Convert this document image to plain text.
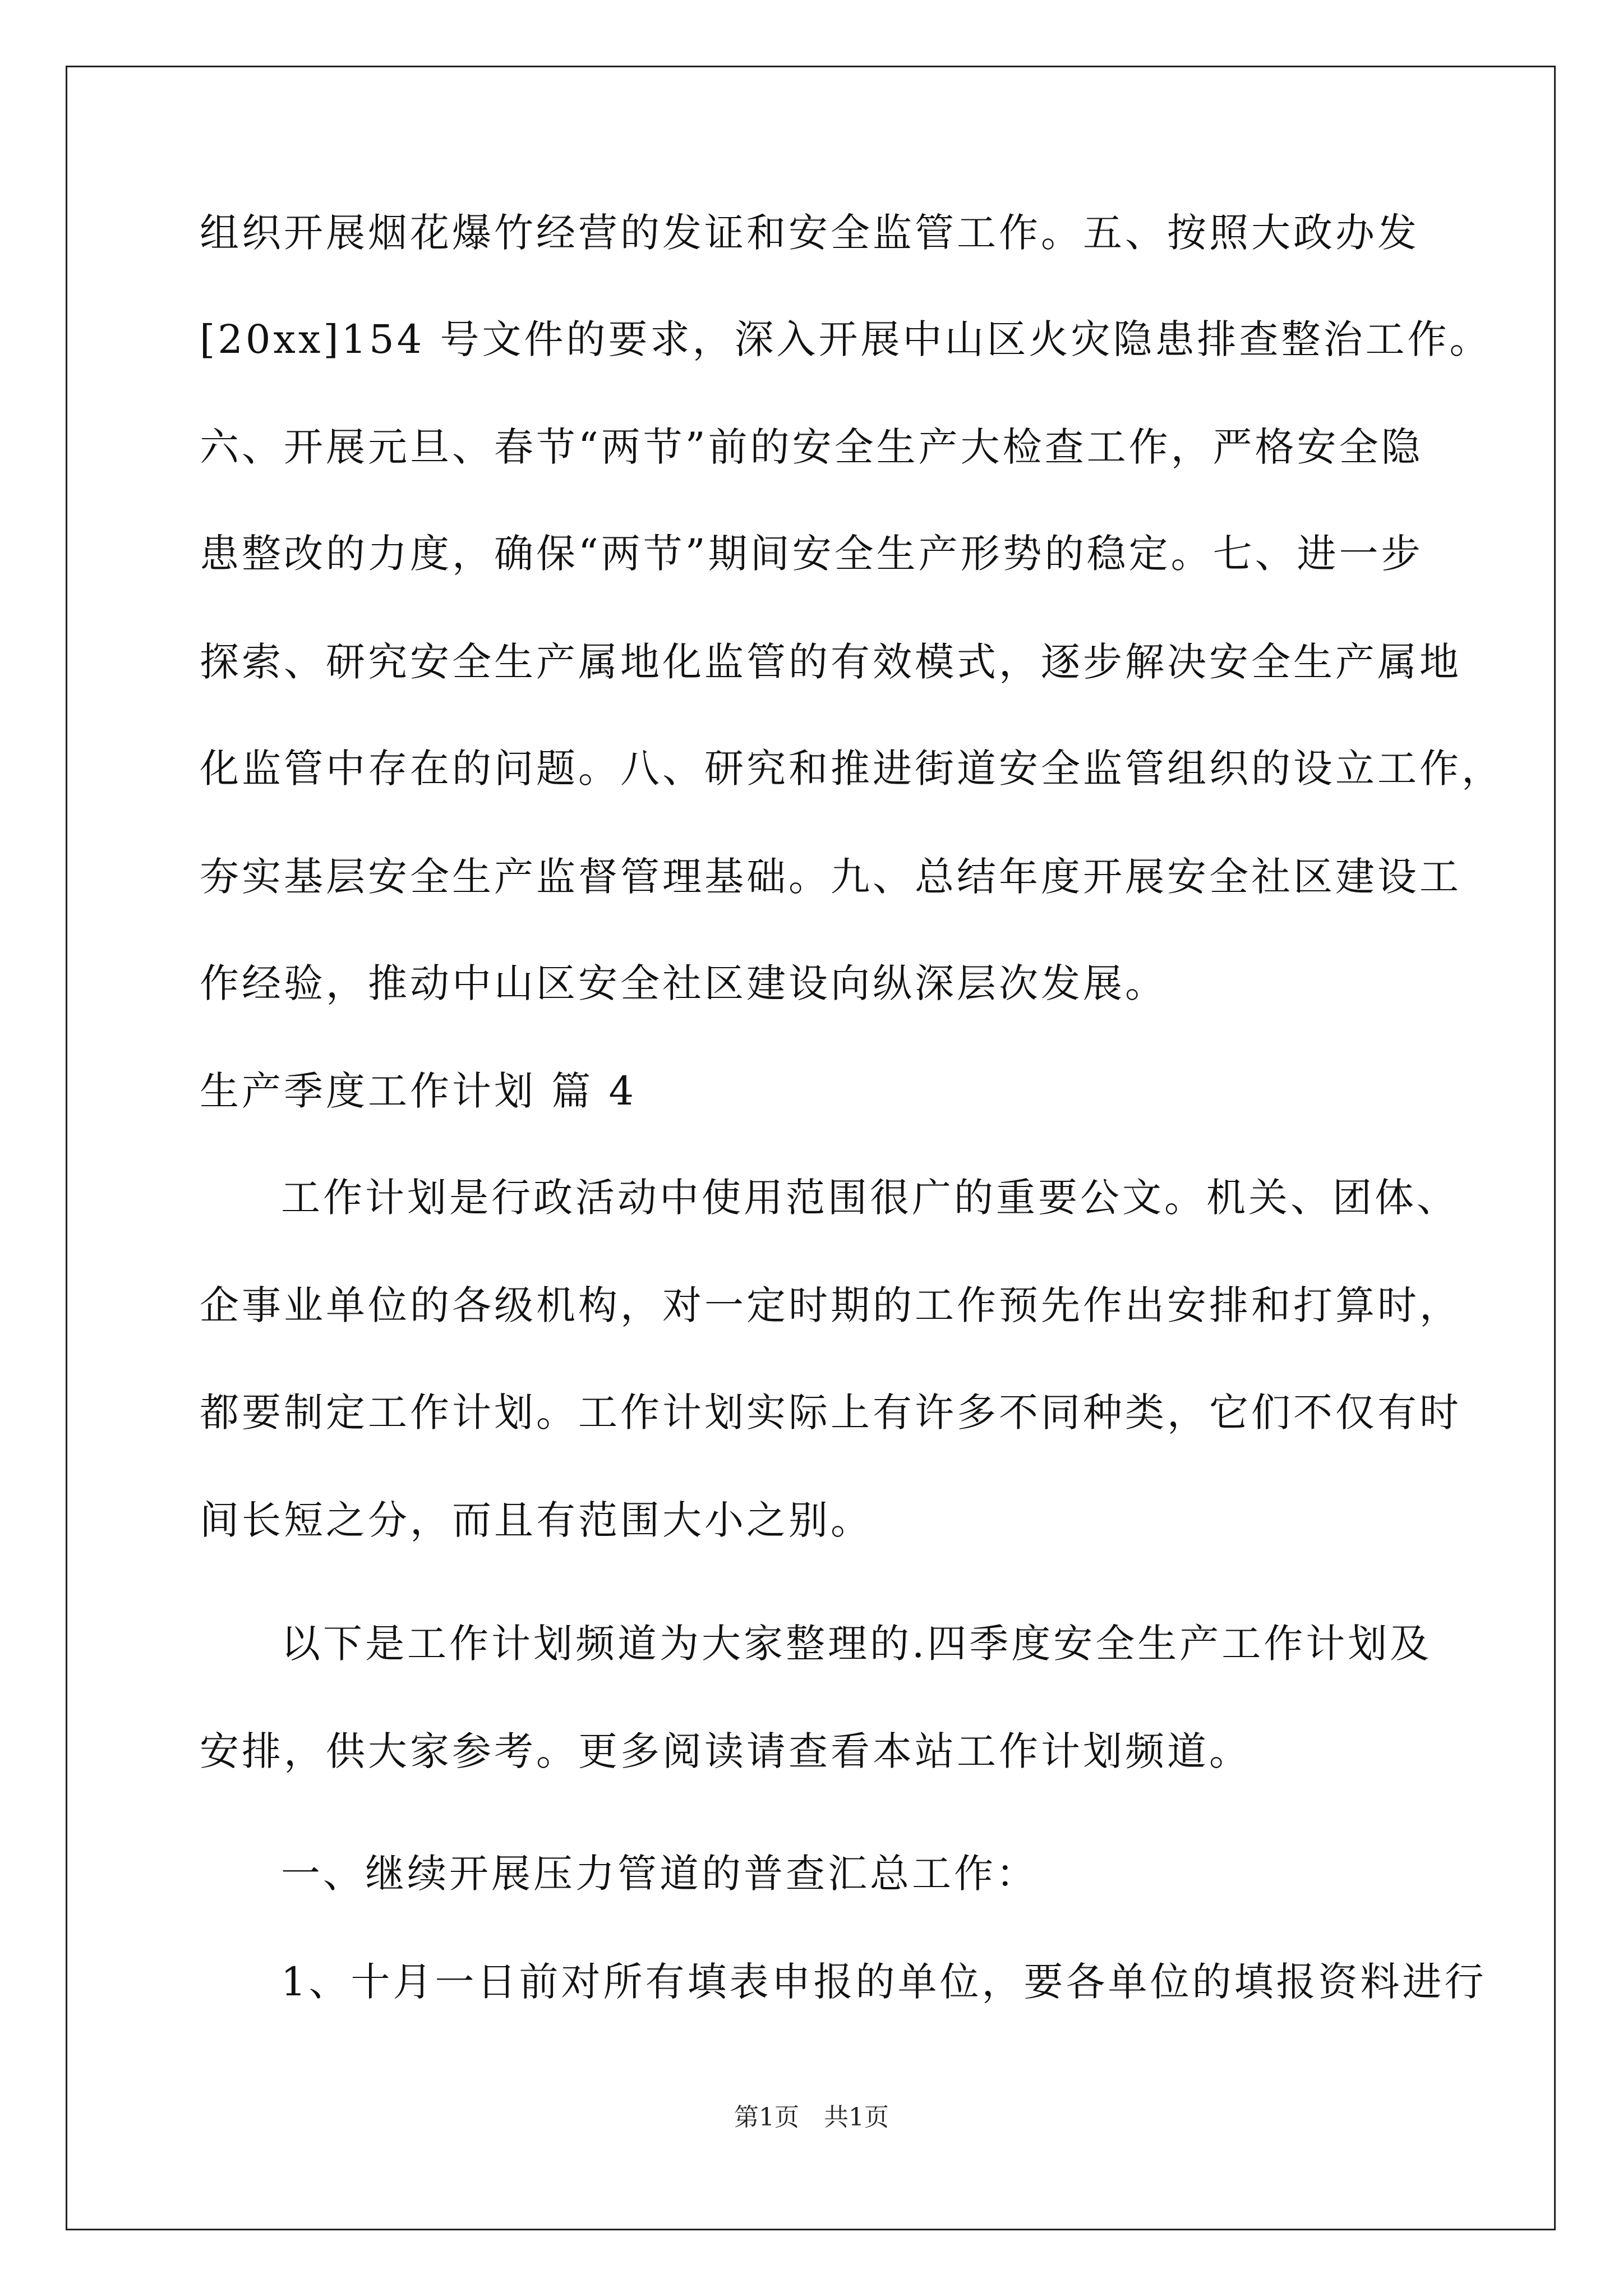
组织开展烟花爆竹经营的发证和安全监管工作。五、按照大政办发
[20xx]154 号文件的要求，深入开展中山区火灾隐患排查整治工作。
六、开展元旦、春节“两节”前的安全生产大检查工作，严格安全隐
患整改的力度，确保“两节”期间安全生产形势的稳定。七、进一步
探索、研究安全生产属地化监管的有效模式，逐步解决安全生产属地
化监管中存在的问题。八、研究和推进街道安全监管组织的设立工作，
夯实基层安全生产监督管理基础。九、总结年度开展安全社区建设工
作经验，推动中山区安全社区建设向纵深层次发展。
生产季度工作计划 篇 4
工作计划是行政活动中使用范围很广的重要公文。机关、团体、
企事业单位的各级机构，对一定时期的工作预先作出安排和打算时，
都要制定工作计划。工作计划实际上有许多不同种类，它们不仅有时
间长短之分，而且有范围大小之别。
以下是工作计划频道为大家整理的.四季度安全生产工作计划及
安排，供大家参考。更多阅读请查看本站工作计划频道。
一、继续开展压力管道的普查汇总工作：
1、十月一日前对所有填表申报的单位，要各单位的填报资料进行
第1页　共1页
